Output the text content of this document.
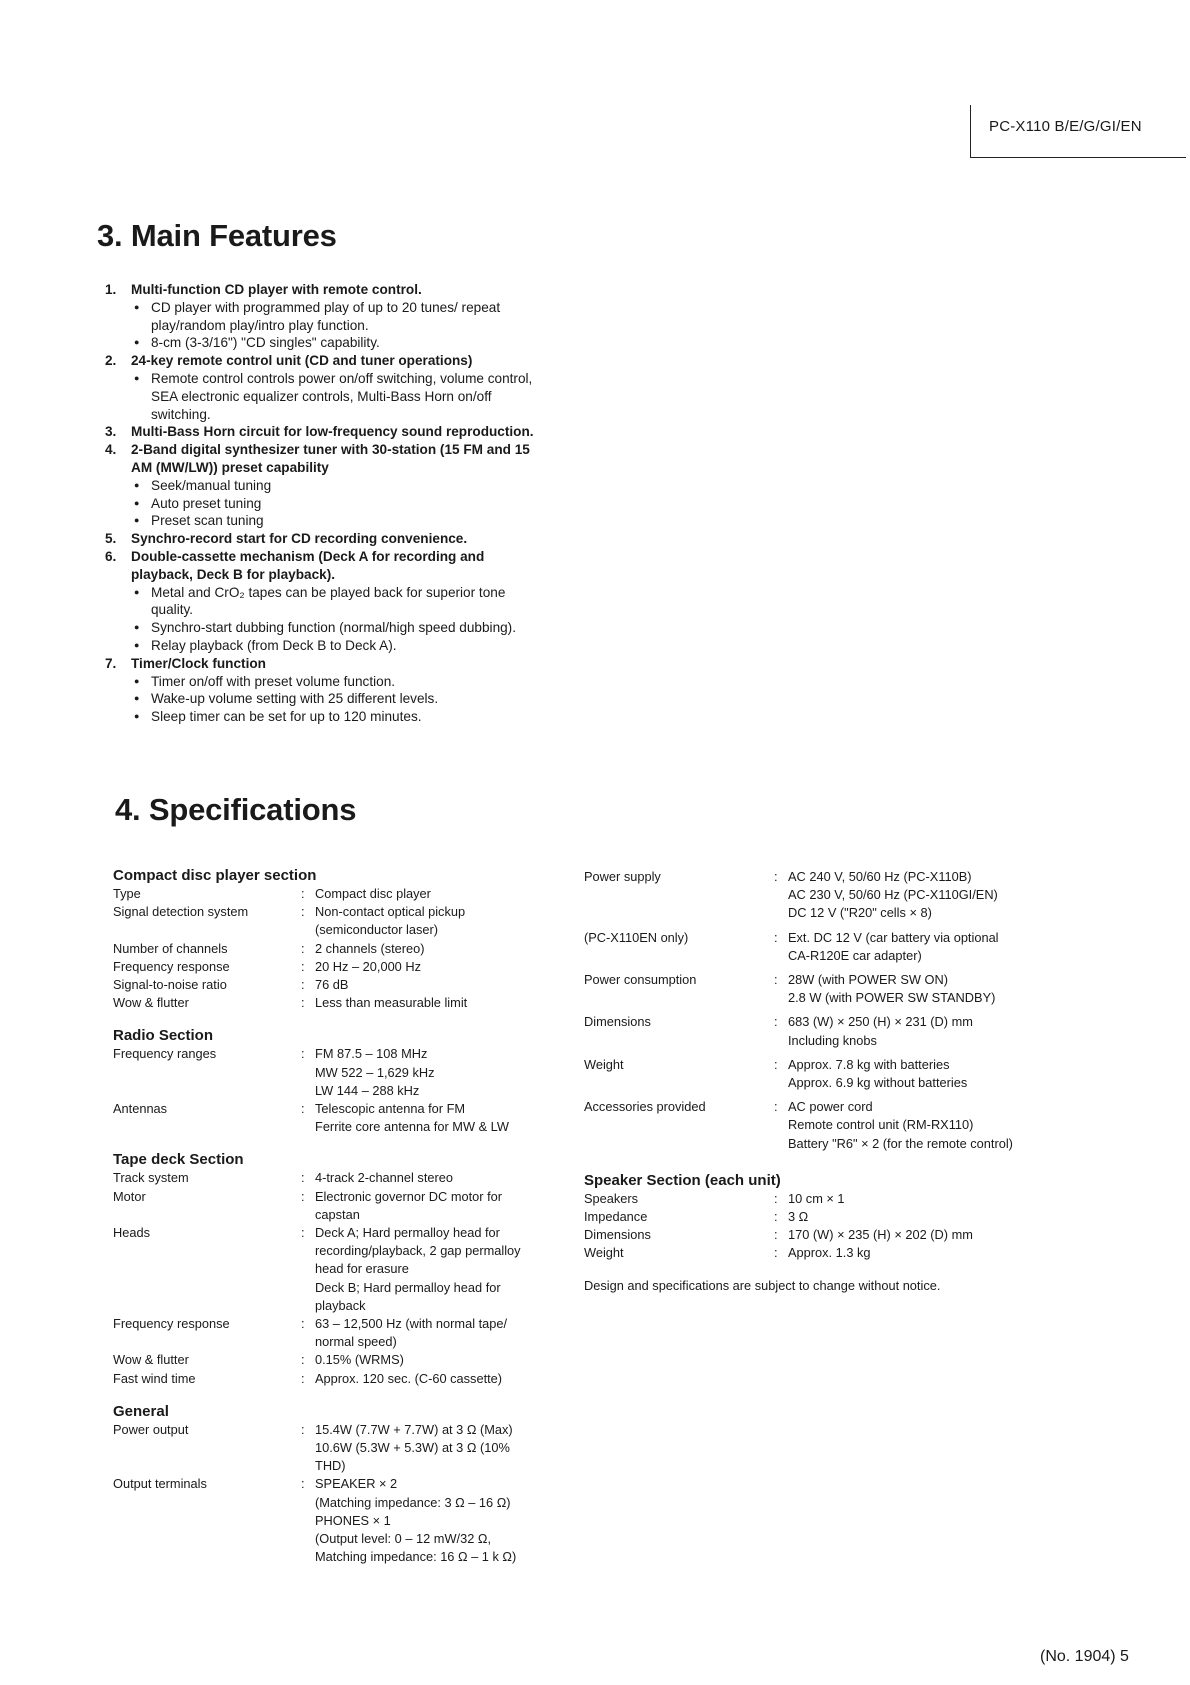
PC-X110 B/E/G/GI/EN
3. Main Features
1. Multi-function CD player with remote control.
● CD player with programmed play of up to 20 tunes/ repeat play/random play/intro play function.
● 8-cm (3-3/16") "CD singles" capability.
2. 24-key remote control unit (CD and tuner operations)
● Remote control controls power on/off switching, volume control, SEA electronic equalizer controls, Multi-Bass Horn on/off switching.
3. Multi-Bass Horn circuit for low-frequency sound reproduction.
4. 2-Band digital synthesizer tuner with 30-station (15 FM and 15 AM (MW/LW)) preset capability
● Seek/manual tuning
● Auto preset tuning
● Preset scan tuning
5. Synchro-record start for CD recording convenience.
6. Double-cassette mechanism (Deck A for recording and playback, Deck B for playback).
● Metal and CrO₂ tapes can be played back for superior tone quality.
● Synchro-start dubbing function (normal/high speed dubbing).
● Relay playback (from Deck B to Deck A).
7. Timer/Clock function
● Timer on/off with preset volume function.
● Wake-up volume setting with 25 different levels.
● Sleep timer can be set for up to 120 minutes.
4. Specifications
Compact disc player section
Type	: Compact disc player
Signal detection system	: Non-contact optical pickup (semiconductor laser)
Number of channels	: 2 channels (stereo)
Frequency response	: 20 Hz – 20,000 Hz
Signal-to-noise ratio	: 76 dB
Wow & flutter	: Less than measurable limit
Radio Section
Frequency ranges	: FM 87.5 – 108 MHz
MW 522 – 1,629 kHz
LW 144 – 288 kHz
Antennas	: Telescopic antenna for FM
Ferrite core antenna for MW & LW
Tape deck Section
Track system	: 4-track 2-channel stereo
Motor	: Electronic governor DC motor for capstan
Heads	: Deck A; Hard permalloy head for recording/playback, 2 gap permalloy head for erasure
Deck B; Hard permalloy head for playback
Frequency response	: 63 – 12,500 Hz (with normal tape/ normal speed)
Wow & flutter	: 0.15% (WRMS)
Fast wind time	: Approx. 120 sec. (C-60 cassette)
General
Power output	: 15.4W (7.7W + 7.7W) at 3 Ω (Max)
10.6W (5.3W + 5.3W) at 3 Ω (10% THD)
Output terminals	: SPEAKER × 2
(Matching impedance: 3 Ω – 16 Ω)
PHONES × 1
(Output level: 0 – 12 mW/32 Ω, Matching impedance: 16 Ω – 1 k Ω)
Power supply	: AC 240 V, 50/60 Hz (PC-X110B)
AC 230 V, 50/60 Hz (PC-X110GI/EN)
DC 12 V ("R20" cells × 8)
(PC-X110EN only)	: Ext. DC 12 V (car battery via optional CA-R120E car adapter)
Power consumption	: 28W (with POWER SW ON)
2.8 W (with POWER SW STANDBY)
Dimensions	: 683 (W) × 250 (H) × 231 (D) mm
Including knobs
Weight	: Approx. 7.8 kg with batteries
Approx. 6.9 kg without batteries
Accessories provided	: AC power cord
Remote control unit (RM-RX110)
Battery "R6" × 2 (for the remote control)
Speaker Section (each unit)
Speakers	: 10 cm × 1
Impedance	: 3 Ω
Dimensions	: 170 (W) × 235 (H) × 202 (D) mm
Weight	: Approx. 1.3 kg
Design and specifications are subject to change without notice.
(No. 1904) 5
